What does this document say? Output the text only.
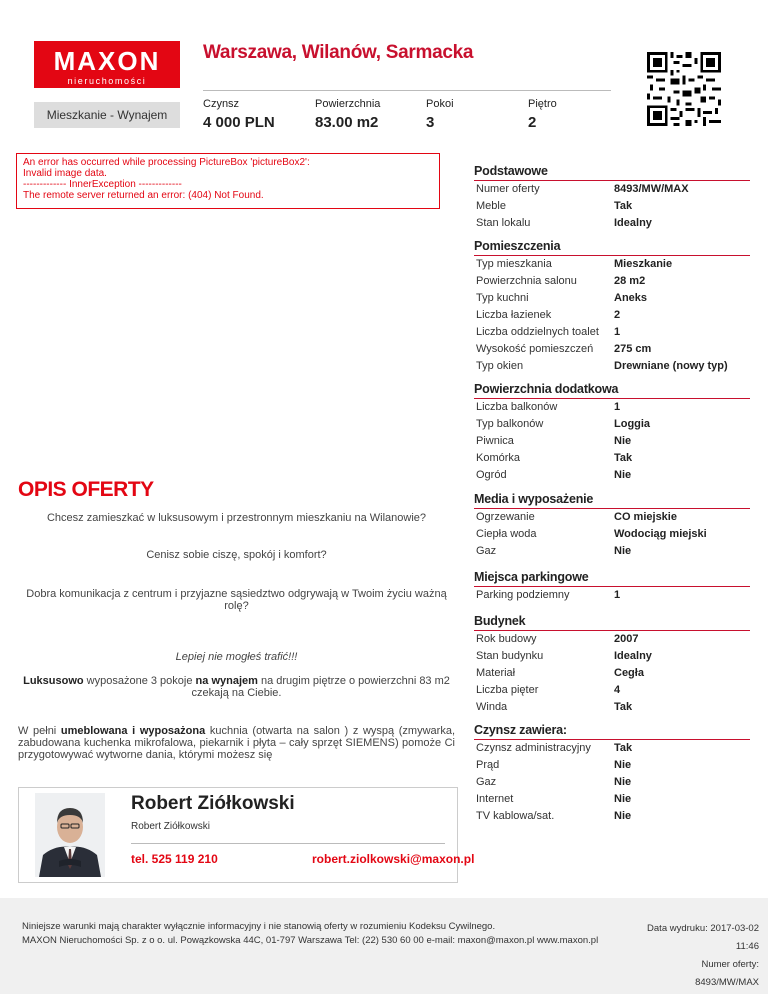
MAXON
nieruchomości
Warszawa, Wilanów, Sarmacka
Mieszkanie - Wynajem
Czynsz
4 000 PLN
Powierzchnia
83.00 m2
Pokoi
3
Piętro
2
An error has occurred while processing PictureBox 'pictureBox2':
Invalid image data.
------------- InnerException -------------
The remote server returned an error: (404) Not Found.
OPIS OFERTY
Chcesz zamieszkać w luksusowym i przestronnym mieszkaniu na Wilanowie?
Cenisz sobie ciszę, spokój i komfort?
Dobra komunikacja z centrum i przyjazne sąsiedztwo odgrywają w Twoim życiu ważną rolę?
Lepiej nie mogłeś trafić!!!
Luksusowo wyposażone 3 pokoje na wynajem na drugim piętrze o powierzchni 83 m2 czekają na Ciebie.
W pełni umeblowana i wyposażona kuchnia (otwarta na salon ) z wyspą (zmywarka, zabudowana kuchenka mikrofalowa, piekarnik i płyta – cały sprzęt SIEMENS) pomoże Ci przygotowywać wytworne dania, którymi możesz się
Robert Ziółkowski
Robert Ziółkowski
tel. 525 119 210	robert.ziolkowski@maxon.pl
Podstawowe
Numer oferty	8493/MW/MAX
Meble	Tak
Stan lokalu	Idealny
Pomieszczenia
Typ mieszkania	Mieszkanie
Powierzchnia salonu	28 m2
Typ kuchni	Aneks
Liczba łazienek	2
Liczba oddzielnych toalet 1
Wysokość pomieszczeń 275 cm
Typ okien	Drewniane (nowy typ)
Powierzchnia dodatkowa
Liczba balkonów	1
Typ balkonów	Loggia
Piwnica	Nie
Komórka	Tak
Ogród	Nie
Media i wyposażenie
Ogrzewanie	CO miejskie
Ciepła woda	Wodociąg miejski
Gaz	Nie
Miejsca parkingowe
Parking podziemny	1
Budynek
Rok budowy	2007
Stan budynku	Idealny
Materiał	Cegła
Liczba pięter	4
Winda	Tak
Czynsz zawiera:
Czynsz administracyjny Tak
Prąd	Nie
Gaz	Nie
Internet	Nie
TV kablowa/sat.	Nie
Niniejsze warunki mają charakter wyłącznie informacyjny i nie stanowią oferty w rozumieniu Kodeksu Cywilnego.
MAXON Nieruchomości Sp. z o o. ul. Powązkowska 44C, 01-797 Warszawa Tel: (22) 530 60 00 e-mail: maxon@maxon.pl www.maxon.pl
Data wydruku: 2017-03-02 11:46
Numer oferty: 8493/MW/MAX
